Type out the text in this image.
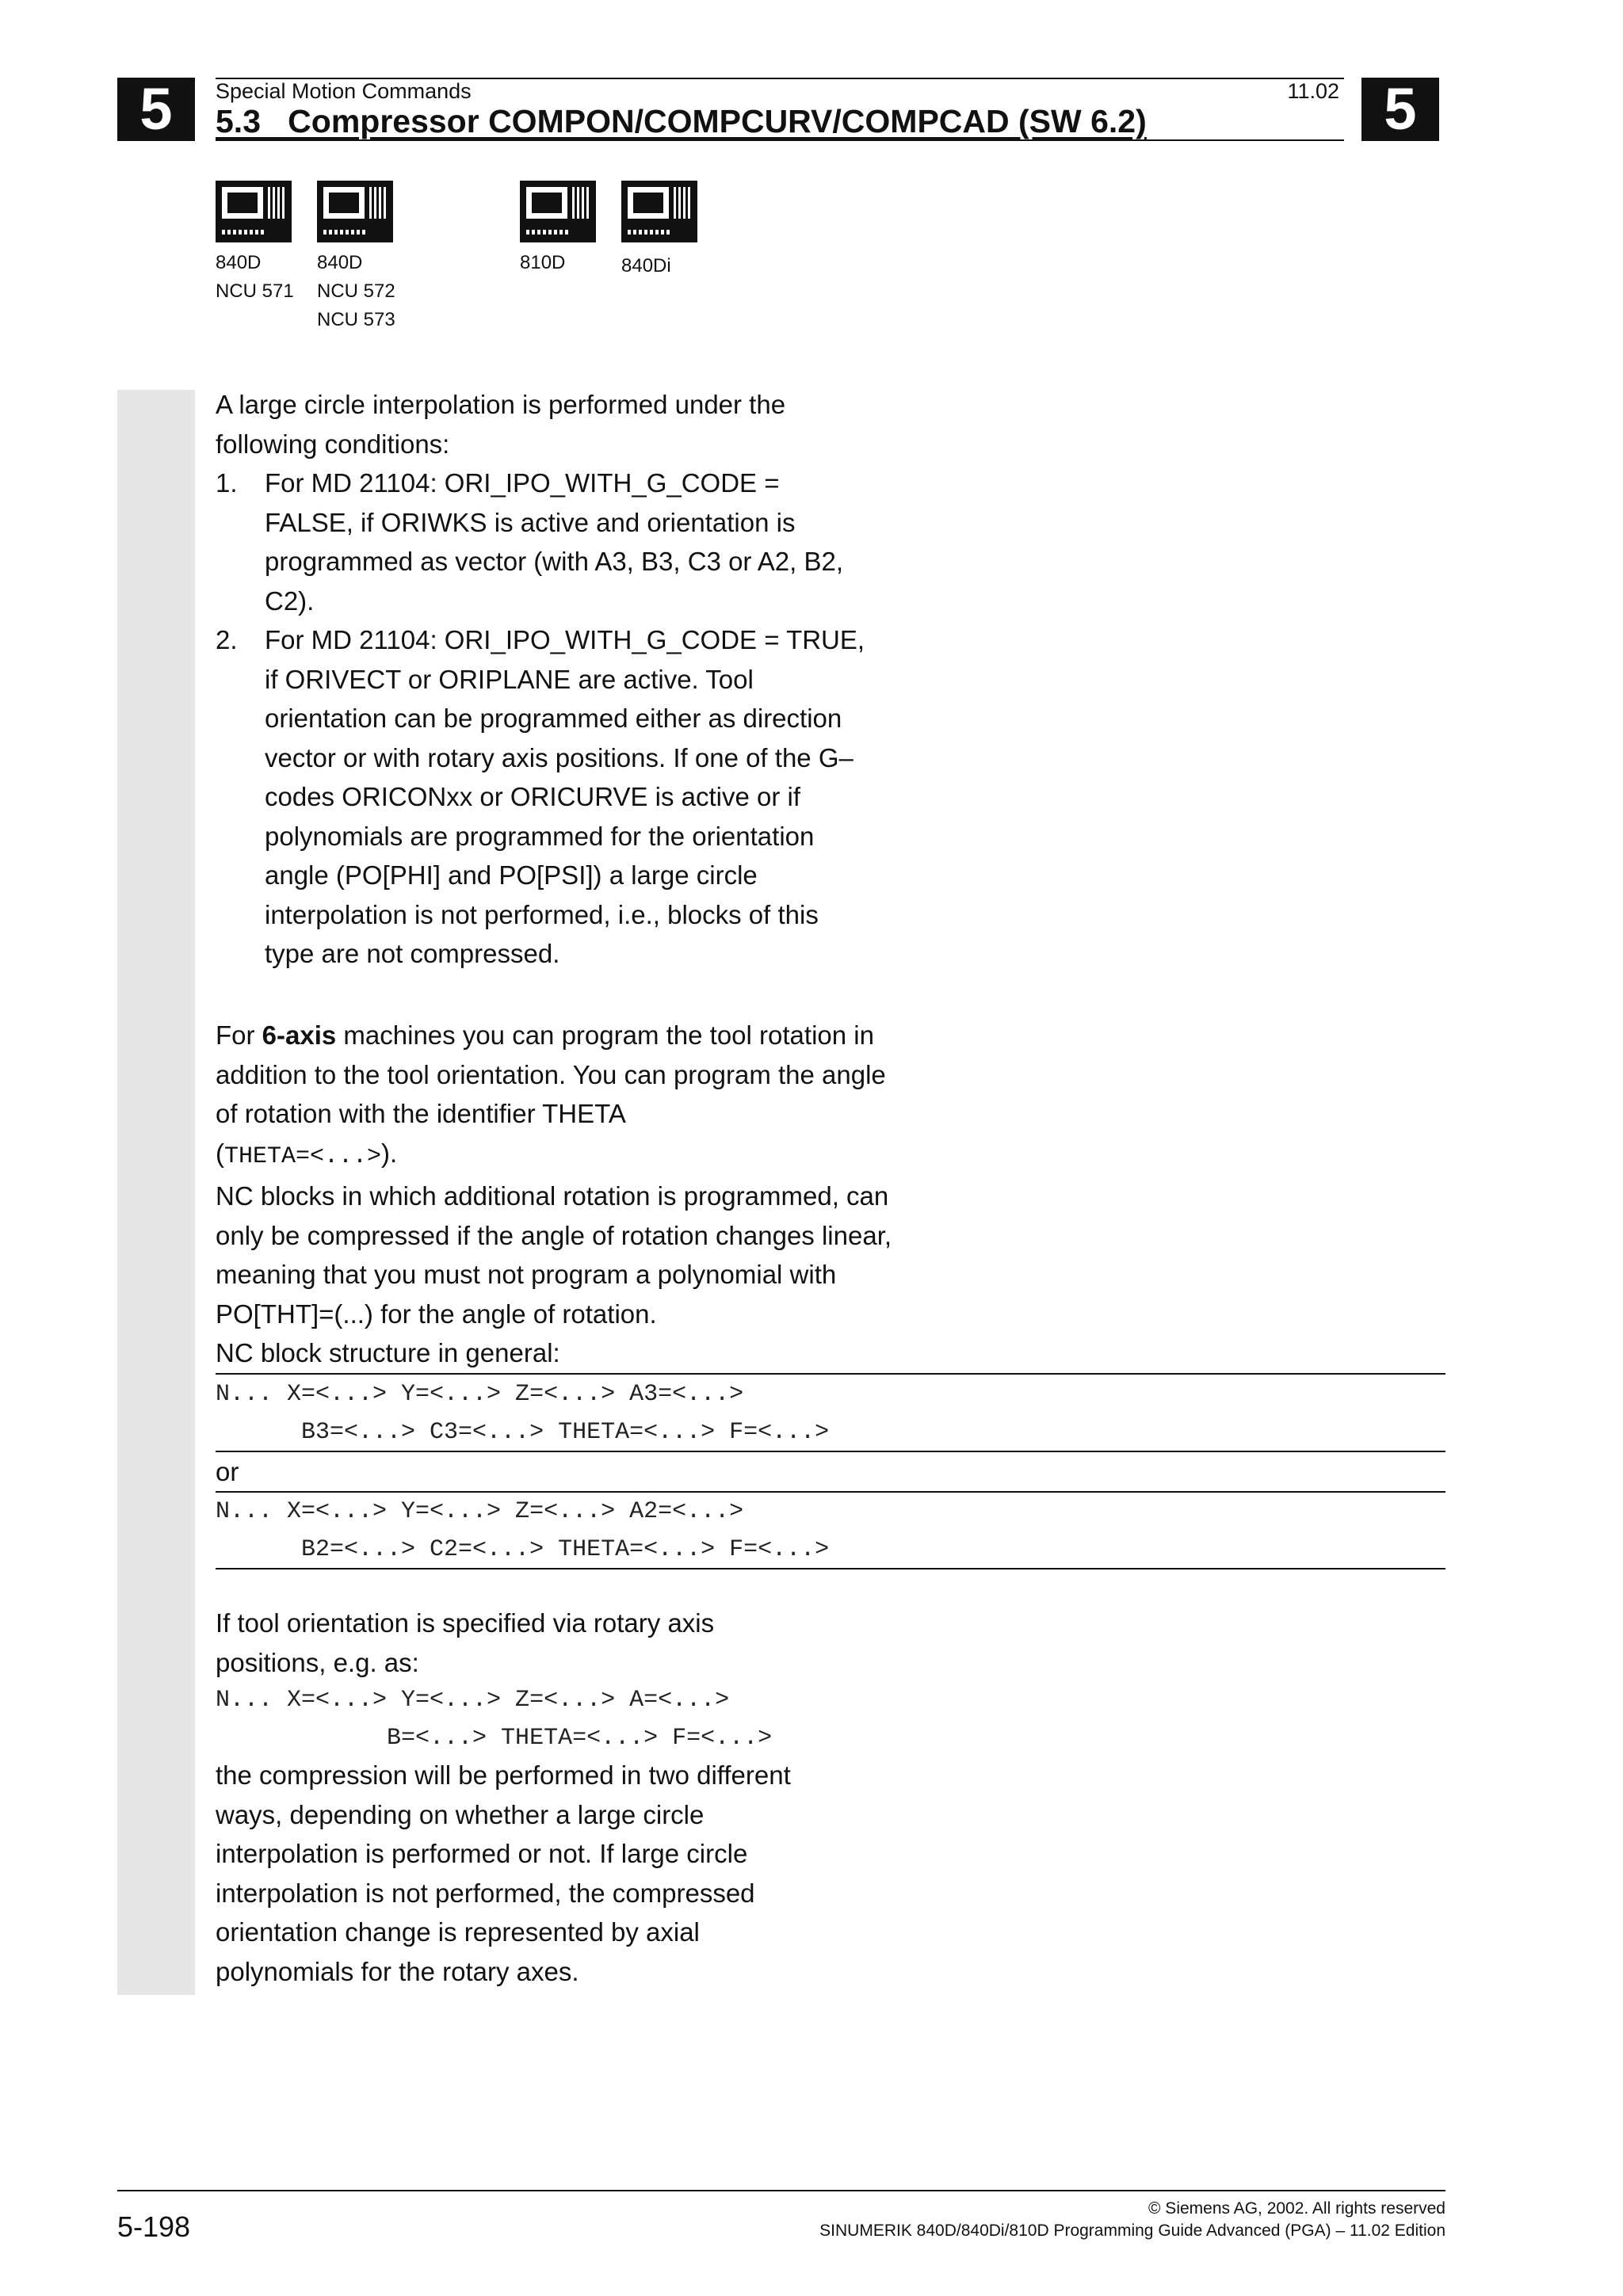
5	5
Special Motion Commands	11.02
5.3   Compressor COMPON/COMPCURV/COMPCAD (SW 6.2)
840D
NCU 571
840D
NCU 572
NCU 573
810D	840Di

A large circle interpolation is performed under the following conditions:

1. For MD 21104: ORI_IPO_WITH_G_CODE = FALSE, if ORIWKS is active and orientation is programmed as vector (with A3, B3, C3 or A2, B2, C2).
2. For MD 21104: ORI_IPO_WITH_G_CODE = TRUE, if ORIVECT or ORIPLANE are active. Tool orientation can be programmed either as direction vector or with rotary axis positions. If one of the G–codes ORICONxx or ORICURVE is active or if polynomials are programmed for the orientation angle (PO[PHI] and PO[PSI]) a large circle interpolation is not performed, i.e., blocks of this type are not compressed.

For 6-axis machines you can program the tool rotation in addition to the tool orientation. You can program the angle of rotation with the identifier THETA

(THETA=<...>).

NC blocks in which additional rotation is programmed, can only be compressed if the angle of rotation changes linear, meaning that you must not program a polynomial with PO[THT]=(...) for the angle of rotation.

NC block structure in general:

N... X=<...> Y=<...> Z=<...> A3=<...>
B3=<...> C3=<...> THETA=<...> F=<...>
or
N... X=<...> Y=<...> Z=<...> A2=<...>
B2=<...> C2=<...> THETA=<...> F=<...>
If tool orientation is specified via rotary axis positions, e.g. as:
N... X=<...> Y=<...> Z=<...> A=<...>
B=<...> THETA=<...> F=<...>
the compression will be performed in two different ways, depending on whether a large circle interpolation is performed or not. If large circle interpolation is not performed, the compressed orientation change is represented by axial polynomials for the rotary axes.
5-198
© Siemens AG, 2002. All rights reserved
SINUMERIK 840D/840Di/810D Programming Guide Advanced (PGA) – 11.02 Edition
